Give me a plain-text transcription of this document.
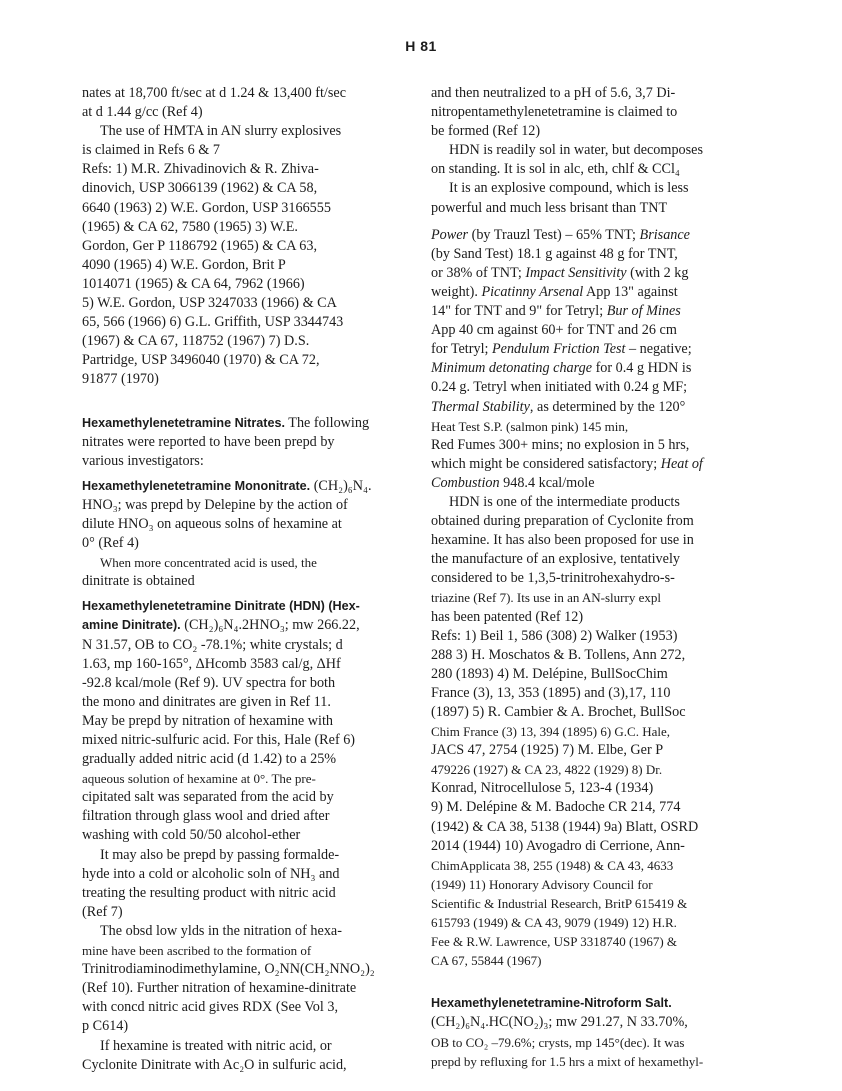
H 81

nates at 18,700 ft/sec at d 1.24 & 13,400 ft/sec

at d 1.44 g/cc (Ref 4)

The use of HMTA in AN slurry explosives

is claimed in Refs 6 & 7

Refs: 1) M.R. Zhivadinovich & R. Zhiva-

dinovich, USP 3066139 (1962) & CA 58,

6640 (1963) 2) W.E. Gordon, USP 3166555

(1965) & CA 62, 7580 (1965) 3) W.E.

Gordon, Ger P 1186792 (1965) & CA 63,

4090 (1965) 4) W.E. Gordon, Brit P

1014071 (1965) & CA 64, 7962 (1966)

5) W.E. Gordon, USP 3247033 (1966) & CA

65, 566 (1966) 6) G.L. Griffith, USP 3344743

(1967) & CA 67, 118752 (1967) 7) D.S.

Partridge, USP 3496040 (1970) & CA 72,

91877 (1970)

Hexamethylenetetramine Nitrates. The following

nitrates were reported to have been prepd by

various investigators:

Hexamethylenetetramine Mononitrate. (CH₂)₆N₄.

HNO₃; was prepd by Delepine by the action of

dilute HNO₃ on aqueous solns of hexamine at

0° (Ref 4)

When more concentrated acid is used, the

dinitrate is obtained

Hexamethylenetetramine Dinitrate (HDN) (Hex-

amine Dinitrate). (CH₂)₆N₄.2HNO₃; mw 266.22,

N 31.57, OB to CO₂ -78.1%; white crystals; d

1.63, mp 160-165°, ΔHcomb 3583 cal/g, ΔHf

-92.8 kcal/mole (Ref 9). UV spectra for both

the mono and dinitrates are given in Ref 11.

May be prepd by nitration of hexamine with

mixed nitric-sulfuric acid. For this, Hale (Ref 6)

gradually added nitric acid (d 1.42) to a 25%

aqueous solution of hexamine at 0°. The pre-

cipitated salt was separated from the acid by

filtration through glass wool and dried after

washing with cold 50/50 alcohol-ether

It may also be prepd by passing formalde-

hyde into a cold or alcoholic soln of NH₃ and

treating the resulting product with nitric acid

(Ref 7)

The obsd low ylds in the nitration of hexa-

mine have been ascribed to the formation of

Trinitrodiaminodimethylamine, O₂NN(CH₂NNO₂)₂

(Ref 10). Further nitration of hexamine-dinitrate

with concd nitric acid gives RDX (See Vol 3,

p C614)

If hexamine is treated with nitric acid, or

Cyclonite Dinitrate with Ac₂O in sulfuric acid,

and then neutralized to a pH of 5.6, 3,7 Di-

nitropentamethylenetetramine is claimed to

be formed (Ref 12)

HDN is readily sol in water, but decomposes

on standing. It is sol in alc, eth, chlf & CCl₄

It is an explosive compound, which is less

powerful and much less brisant than TNT

Power (by Trauzl Test) – 65% TNT; Brisance

(by Sand Test) 18.1 g against 48 g for TNT,

or 38% of TNT; Impact Sensitivity (with 2 kg

weight). Picatinny Arsenal App 13" against

14" for TNT and 9" for Tetryl; Bur of Mines

App 40 cm against 60+ for TNT and 26 cm

for Tetryl; Pendulum Friction Test – negative;

Minimum detonating charge for 0.4 g HDN is

0.24 g. Tetryl when initiated with 0.24 g MF;

Thermal Stability, as determined by the 120°

Heat Test S.P. (salmon pink) 145 min,

Red Fumes 300+ mins; no explosion in 5 hrs,

which might be considered satisfactory; Heat of

Combustion 948.4 kcal/mole

HDN is one of the intermediate products

obtained during preparation of Cyclonite from

hexamine. It has also been proposed for use in

the manufacture of an explosive, tentatively

considered to be 1,3,5-trinitrohexahydro-s-

triazine (Ref 7). Its use in an AN-slurry expl

has been patented (Ref 12)

Refs: 1) Beil 1, 586 (308) 2) Walker (1953)

288 3) H. Moschatos & B. Tollens, Ann 272,

280 (1893) 4) M. Delépine, BullSocChim

France (3), 13, 353 (1895) and (3),17, 110

(1897) 5) R. Cambier & A. Brochet, BullSoc

Chim France (3) 13, 394 (1895) 6) G.C. Hale,

JACS 47, 2754 (1925) 7) M. Elbe, Ger P

479226 (1927) & CA 23, 4822 (1929) 8) Dr.

Konrad, Nitrocellulose 5, 123-4 (1934)

9) M. Delépine & M. Badoche CR 214, 774

(1942) & CA 38, 5138 (1944) 9a) Blatt, OSRD

2014 (1944) 10) Avogadro di Cerrione, Ann-

ChimApplicata 38, 255 (1948) & CA 43, 4633

(1949) 11) Honorary Advisory Council for

Scientific & Industrial Research, BritP 615419 &

615793 (1949) & CA 43, 9079 (1949) 12) H.R.

Fee & R.W. Lawrence, USP 3318740 (1967) &

CA 67, 55844 (1967)

Hexamethylenetetramine-Nitroform Salt.

(CH₂)₆N₄.HC(NO₂)₃; mw 291.27, N 33.70%,

OB to CO₂ –79.6%; crysts, mp 145°(dec). It was

prepd by refluxing for 1.5 hrs a mixt of hexamethyl-
